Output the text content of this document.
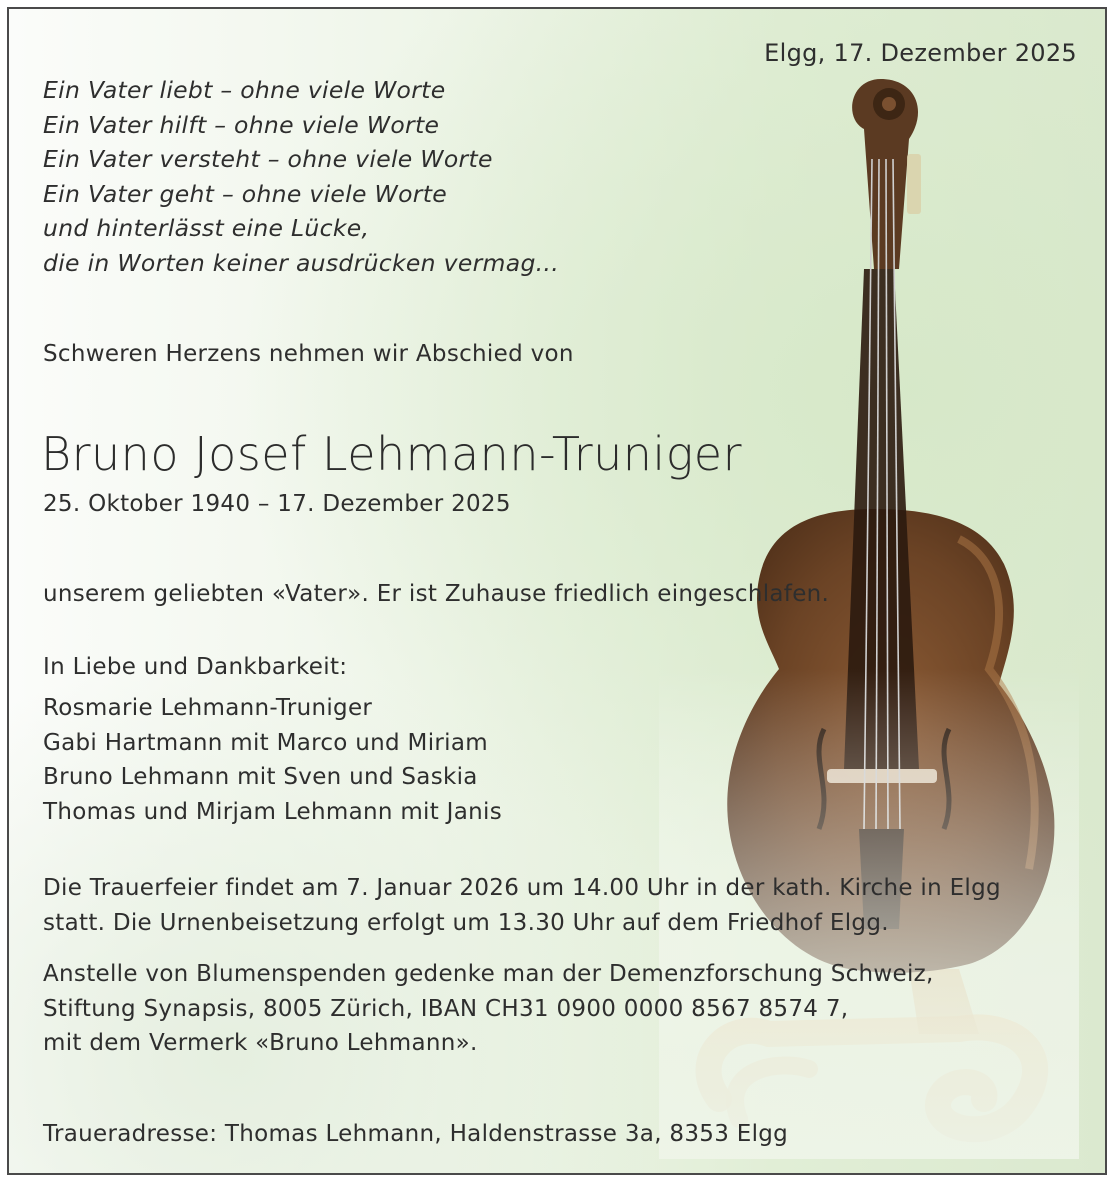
Elgg, 17. Dezember 2025
Ein Vater liebt – ohne viele Worte
Ein Vater hilft – ohne viele Worte
Ein Vater versteht – ohne viele Worte
Ein Vater geht – ohne viele Worte
und hinterlässt eine Lücke,
die in Worten keiner ausdrücken vermag...
Schweren Herzens nehmen wir Abschied von
Bruno Josef Lehmann-Truniger
25. Oktober 1940 – 17. Dezember 2025
unserem geliebten «Vater». Er ist Zuhause friedlich eingeschlafen.
In Liebe und Dankbarkeit:
Rosmarie Lehmann-Truniger
Gabi Hartmann mit Marco und Miriam
Bruno Lehmann mit Sven und Saskia
Thomas und Mirjam Lehmann mit Janis
Die Trauerfeier findet am 7. Januar 2026 um 14.00 Uhr in der kath. Kirche in Elgg
statt. Die Urnenbeisetzung erfolgt um 13.30 Uhr auf dem Friedhof Elgg.
Anstelle von Blumenspenden gedenke man der Demenzforschung Schweiz,
Stiftung Synapsis, 8005 Zürich, IBAN CH31 0900 0000 8567 8574 7,
mit dem Vermerk «Bruno Lehmann».
Traueradresse: Thomas Lehmann, Haldenstrasse 3a, 8353 Elgg
